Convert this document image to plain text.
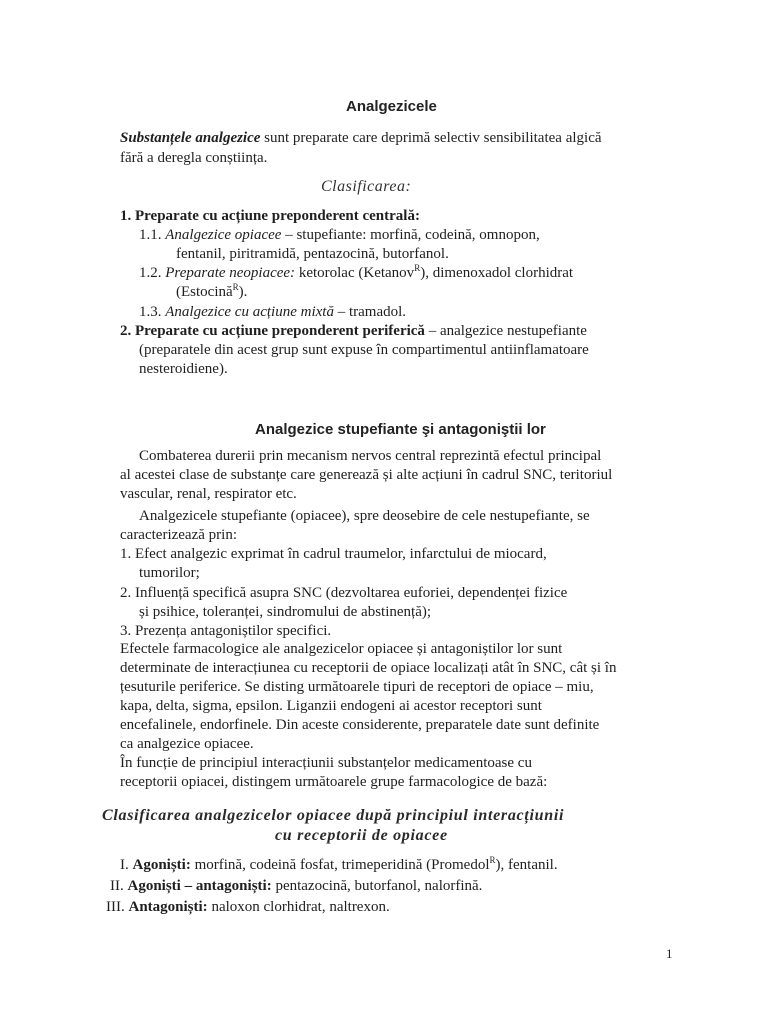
Analgezicele
Substanțele analgezice sunt preparate care deprimă selectiv sensibilitatea algică
fără a deregla conștiința.
Clasificarea:
1. Preparate cu acțiune preponderent centrală:
1.1. Analgezice opiacee – stupefiante: morfină, codeină, omnopon,
fentanil, piritramidă, pentazocină, butorfanol.
1.2. Preparate neopiacee: ketorolac (Ketanov$^R$), dimenoxadol clorhidrat
(Estocină$^R$).
1.3. Analgezice cu acțiune mixtă – tramadol.
2. Preparate cu acțiune preponderent periferică – analgezice nestupefiante
(preparatele din acest grup sunt expuse în compartimentul antiinflamatoare
nesteroidiene).
Analgezice stupefiante şi antagoniştii lor
Combaterea durerii prin mecanism nervos central reprezintă efectul principal
al acestei clase de substanțe care generează și alte acțiuni în cadrul SNC, teritoriul
vascular, renal, respirator etc.
Analgezicele stupefiante (opiacee), spre deosebire de cele nestupefiante, se
caracterizează prin:
1. Efect analgezic exprimat în cadrul traumelor, infarctului de miocard,
tumorilor;
2. Influență specifică asupra SNC (dezvoltarea euforiei, dependenței fizice
și psihice, toleranței, sindromului de abstinență);
3. Prezența antagoniștilor specifici.
Efectele farmacologice ale analgezicelor opiacee și antagoniștilor lor sunt
determinate de interacțiunea cu receptorii de opiace localizați atât în SNC, cât și în
țesuturile periferice. Se disting următoarele tipuri de receptori de opiace – miu,
kapa, delta, sigma, epsilon. Liganzii endogeni ai acestor receptori sunt
encefalinele, endorfinele. Din aceste considerente, preparatele date sunt definite
ca analgezice opiacee.
În funcție de principiul interacțiunii substanțelor medicamentoase cu
receptorii opiacei, distingem următoarele grupe farmacologice de bază:
Clasificarea analgezicelor opiacee după principiul interacțiunii
cu receptorii de opiacee
I. Agoniști: morfină, codeină fosfat, trimeperidină (Promedol$^R$), fentanil.
II. Agoniști – antagoniști: pentazocină, butorfanol, nalorfină.
III. Antagoniști: naloxon clorhidrat, naltrexon.
1
